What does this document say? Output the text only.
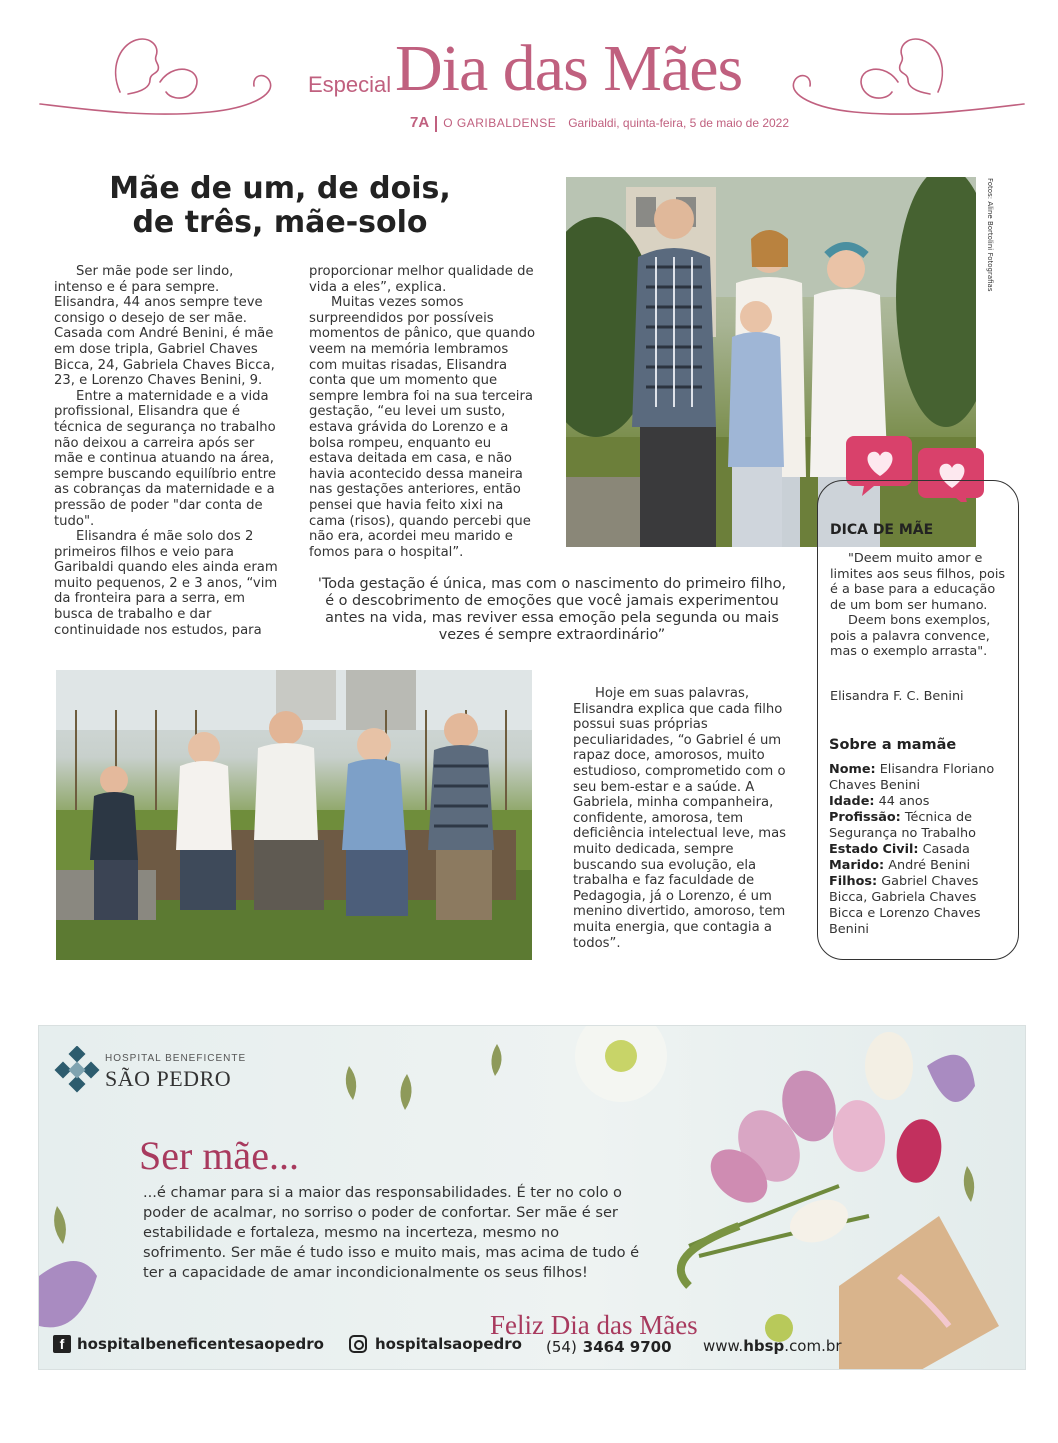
Especial Dia das Mães
7A O GARIBALDENSE Garibaldi, quinta-feira, 5 de maio de 2022
Mãe de um, de dois,
de três, mãe-solo

Ser mãe pode ser lindo, intenso e é para sempre. Elisandra, 44 anos sempre teve consigo o desejo de ser mãe. Casada com André Benini, é mãe em dose tripla, Gabriel Chaves Bicca, 24, Gabriela Chaves Bicca, 23, e Lorenzo Chaves Benini, 9.

Entre a maternidade e a vida profissional, Elisandra que é técnica de segurança no trabalho não deixou a carreira após ser mãe e continua atuando na área, sempre buscando equilíbrio entre as cobranças da maternidade e a pressão de poder "dar conta de tudo".

Elisandra é mãe solo dos 2 primeiros filhos e veio para Garibaldi quando eles ainda eram muito pequenos, 2 e 3 anos, “vim da fronteira para a serra, em busca de trabalho e dar continuidade nos estudos, para

proporcionar melhor qualidade de vida a eles”, explica.

Muitas vezes somos surpreendidos por possíveis momentos de pânico, que quando veem na memória lembramos com muitas risadas, Elisandra conta que um momento que sempre lembra foi na sua terceira gestação, “eu levei um susto, estava grávida do Lorenzo e a bolsa rompeu, enquanto eu estava deitada em casa, e não havia acontecido dessa maneira nas gestações anteriores, então pensei que havia feito xixi na cama (risos), quando percebi que não era, acordei meu marido e fomos para o hospital”.

'Toda gestação é única, mas com o nascimento do primeiro filho, é o descobrimento de emoções que você jamais experimentou antes na vida, mas reviver essa emoção pela segunda ou mais vezes é sempre extraordinário”

Hoje em suas palavras, Elisandra explica que cada filho possui suas próprias peculiaridades, “o Gabriel é um rapaz doce, amorosos, muito estudioso, comprometido com o seu bem-estar e a saúde. A Gabriela, minha companheira, confidente, amorosa, tem deficiência intelectual leve, mas muito dedicada, sempre buscando sua evolução, ela trabalha e faz faculdade de Pedagogia, já o Lorenzo, é um menino divertido, amoroso, tem muita energia, que contagia a todos”.

Fotos: Aline Bortolini Fotografias
DICA DE MÃE

"Deem muito amor e limites aos seus filhos, pois é a base para a educação de um bom ser humano.

Deem bons exemplos, pois a palavra convence, mas o exemplo arrasta".

Elisandra F. C. Benini
Sobre a mamãe
Nome: Elisandra Floriano Chaves Benini
Idade: 44 anos
Profissão: Técnica de Segurança no Trabalho
Estado Civil: Casada
Marido: André Benini
Filhos: Gabriel Chaves Bicca, Gabriela Chaves Bicca e Lorenzo Chaves Benini
HOSPITAL BENEFICENTE
SÃO PEDRO
Ser mãe...
...é chamar para si a maior das responsabilidades. É ter no colo o poder de acalmar, no sorriso o poder de confortar. Ser mãe é ser estabilidade e fortaleza, mesmo na incerteza, mesmo no sofrimento. Ser mãe é tudo isso e muito mais, mas acima de tudo é ter a capacidade de amar incondicionalmente os seus filhos!
Feliz Dia das Mães
f hospitalbeneficentesaopedro	hospitalsaopedro (54) 3464 9700 www. hbsp .com.br
